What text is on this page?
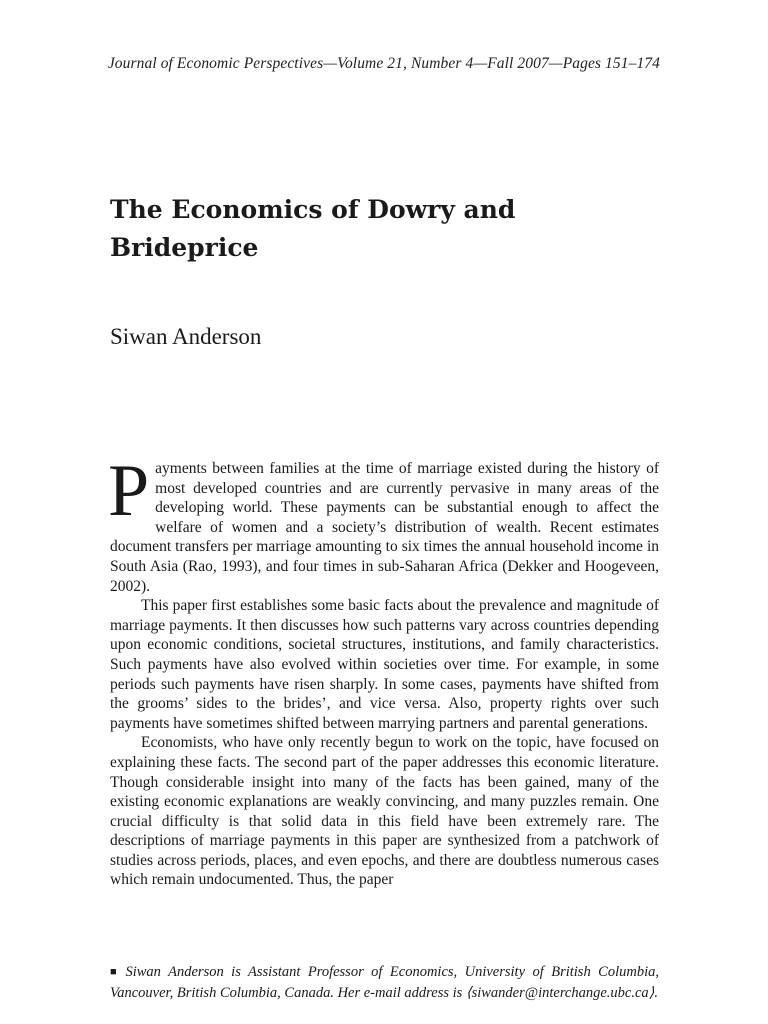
Journal of Economic Perspectives—Volume 21, Number 4—Fall 2007—Pages 151–174
The Economics of Dowry and Brideprice
Siwan Anderson

Payments between families at the time of marriage existed during the history of most developed countries and are currently pervasive in many areas of the developing world. These payments can be substantial enough to affect the welfare of women and a society’s distribution of wealth. Recent estimates document transfers per marriage amounting to six times the annual household income in South Asia (Rao, 1993), and four times in sub-Saharan Africa (Dekker and Hoogeveen, 2002).

This paper first establishes some basic facts about the prevalence and magnitude of marriage payments. It then discusses how such patterns vary across countries depending upon economic conditions, societal structures, institutions, and family characteristics. Such payments have also evolved within societies over time. For example, in some periods such payments have risen sharply. In some cases, payments have shifted from the grooms’ sides to the brides’, and vice versa. Also, property rights over such payments have sometimes shifted between marrying partners and parental generations.

Economists, who have only recently begun to work on the topic, have focused on explaining these facts. The second part of the paper addresses this economic literature. Though considerable insight into many of the facts has been gained, many of the existing economic explanations are weakly convincing, and many puzzles remain. One crucial difficulty is that solid data in this field have been extremely rare. The descriptions of marriage payments in this paper are synthesized from a patchwork of studies across periods, places, and even epochs, and there are doubtless numerous cases which remain undocumented. Thus, the paper

■ Siwan Anderson is Assistant Professor of Economics, University of British Columbia, Vancouver, British Columbia, Canada. Her e-mail address is ⟨siwander@interchange.ubc.ca⟩.
